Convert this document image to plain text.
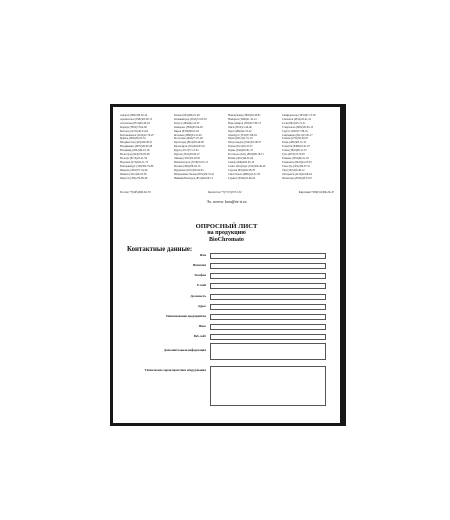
Ангарск (8992)36-56-34
Архангельск (8182)63-90-72
Астрахань (8512)99-46-04
Барнаул (3852)73-04-60
Белгород (4722)40-23-64
Благовещенск (4162)22-76-07
Брянск (4832)59-03-52
Владивосток (423)249-28-31
Владикавказ (8672)28-90-48
Владимир (4922)49-43-18
Волгоград (844)278-03-48
Вологда (8172)26-41-59
Воронеж (473)204-51-73
Екатеринбург (343)384-55-89
Иваново (4932)77-34-06
Ижевск (3412)26-03-58
Иркутск (395)279-98-46
Казань (843)206-01-48
Калининград (4012)72-03-81
Калуга (4842)92-23-67
Кемерово (3842)65-04-62
Киров (8332)68-02-04
Коломна (4966)23-41-49
Кострома (4942)77-07-48
Краснодар (861)203-40-90
Красноярск (391)204-63-61
Курск (4712)77-13-04
Курган (3522)50-90-47
Липецк (4742)52-20-81
Магнитогорск (3519)55-03-13
Москва (495)268-04-70
Мурманск (8152)59-64-93
Набережные Челны (8552)20-53-41
Нижний Новгород (831)429-08-12
Новокузнецк (3843)20-46-81
Ноябрьск (3496)41-32-12
Новосибирск (383)227-86-73
Омск (3812)21-46-40
Орел (4862)44-53-42
Оренбург (3532)37-68-04
Пенза (8412)22-31-16
Петрозаводск (8142)55-98-37
Псков (8112)59-10-37
Пермь (342)205-81-47
Ростов-на-Дону (863)308-18-15
Рязань (4912)46-61-64
Самара (846)206-03-16
Санкт-Петербург (812)309-46-40
Саратов (845)249-38-78
Севастополь (8692)22-31-93
Саранск (8342)22-96-24
Симферополь (3652)67-13-56
Смоленск (4812)29-41-54
Сочи (862)225-72-31
Ставрополь (8652)20-65-13
Сургут (3462)77-98-35
Сыктывкар (8212)25-95-17
Тамбов (4752)50-40-97
Тверь (4822)63-31-35
Тольятти (8482)63-91-07
Томск (3822)98-41-53
Тула (4872)33-79-87
Тюмень (3452)66-21-18
Ульяновск (8422)24-23-59
Улан-Удэ (3012)59-97-51
Уфа (347)229-48-12
Хабаровск (4212)92-98-04
Чебоксары (8352)28-53-07
Россия +7(495)268-04-70	Казахстан +7(7172)727-132	Киргизия +996(312)96-26-47
Эл. почта: bcm@nt-rt.ru
ОПРОСНЫЙ ЛИСТ
на продукцию
BioChromato
Контактные данные:
Имя
Фамилия
Телефон
E-mail
Должность
Адрес
Наименование предприятия
Факс
Веб-сайт
Дополнительная информация
Технические характеристики оборудования
